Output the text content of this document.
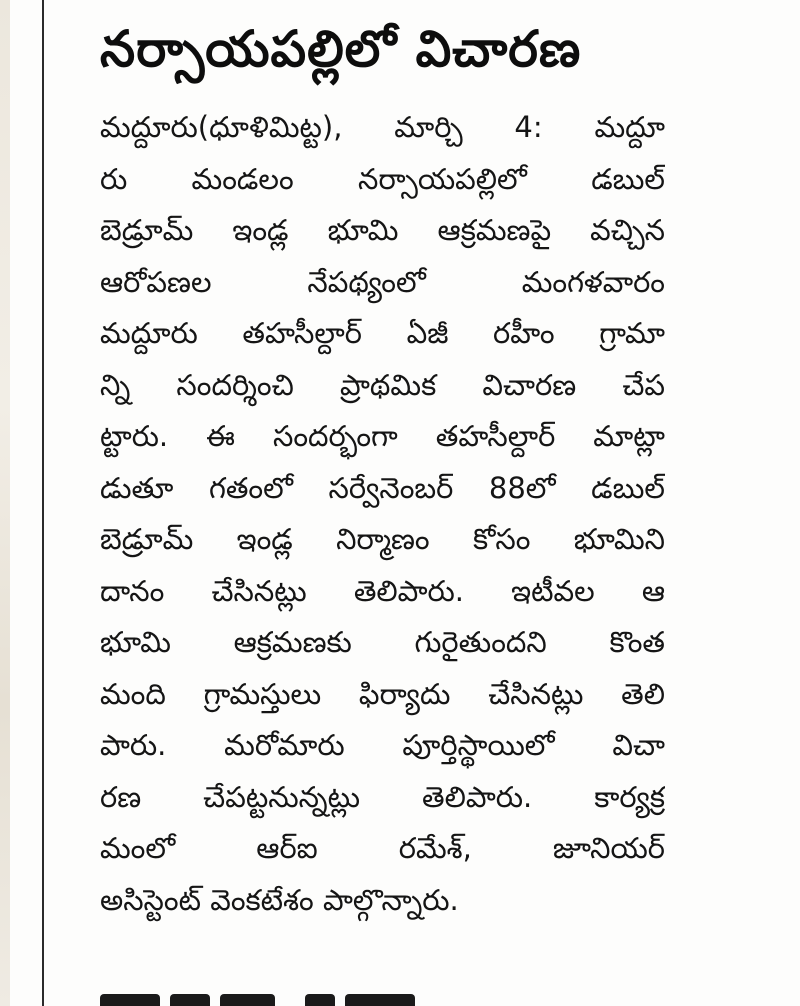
నర్సాయపల్లిలో విచారణ
మద్దూరు(ధూళిమిట్ట), మార్చి 4: మద్దూ
రు మండలం నర్సాయపల్లిలో డబుల్
బెడ్రూమ్ ఇండ్ల భూమి ఆక్రమణపై వచ్చిన
ఆరోపణల నేపథ్యంలో మంగళవారం
మద్దూరు తహసీల్దార్ ఏజీ రహీం గ్రామా
న్ని సందర్శించి ప్రాథమిక విచారణ చేప
ట్టారు. ఈ సందర్భంగా తహసీల్దార్ మాట్లా
డుతూ గతంలో సర్వేనెంబర్ 88లో డబుల్
బెడ్రూమ్ ఇండ్ల నిర్మాణం కోసం భూమిని
దానం చేసినట్లు తెలిపారు. ఇటీవల ఆ
భూమి ఆక్రమణకు గురైతుందని కొంత
మంది గ్రామస్తులు ఫిర్యాదు చేసినట్లు తెలి
పారు. మరోమారు పూర్తిస్థాయిలో విచా
రణ చేపట్టనున్నట్లు తెలిపారు. కార్యక్ర
మంలో ఆర్ఐ రమేశ్, జూనియర్
అసిస్టెంట్ వెంకటేశం పాల్గొన్నారు.
